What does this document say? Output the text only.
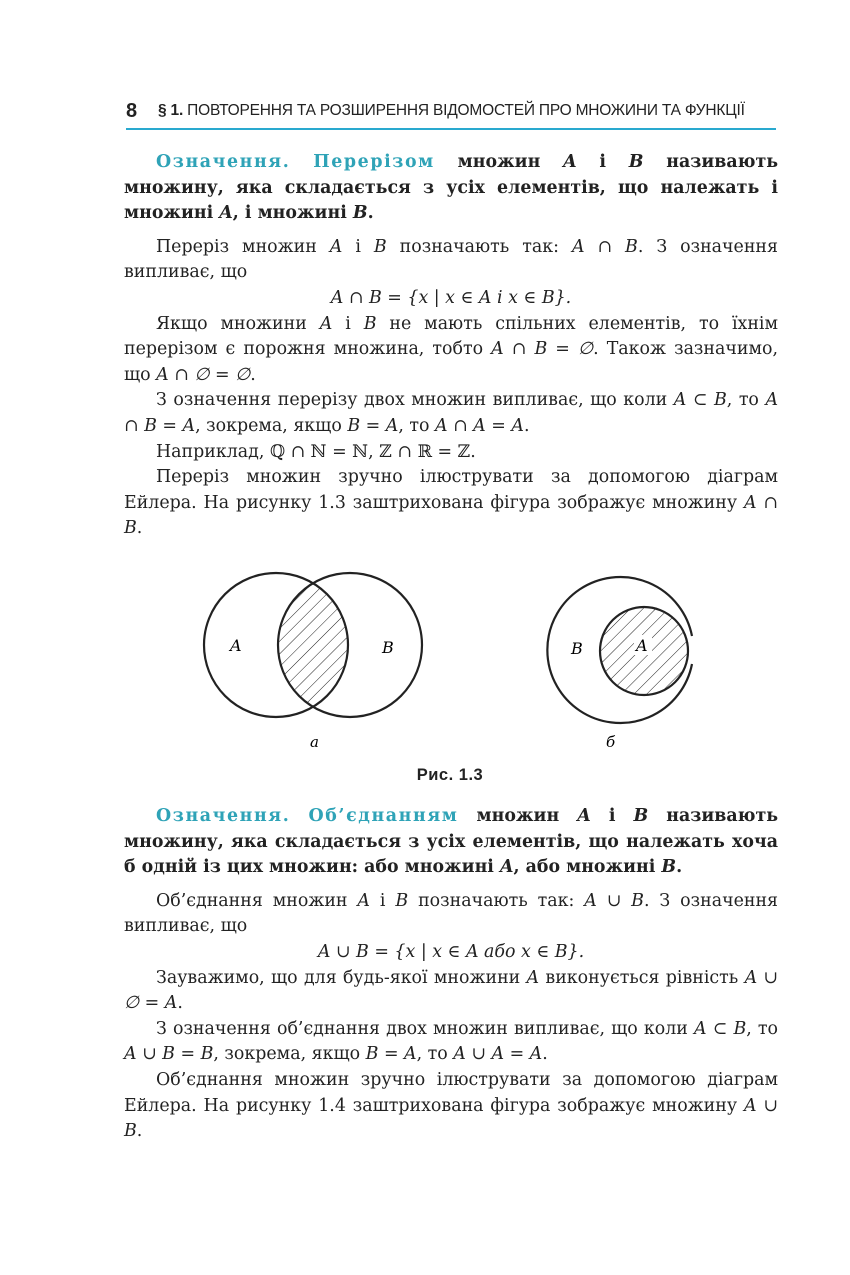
8 § 1. ПОВТОРЕННЯ ТА РОЗШИРЕННЯ ВІДОМОСТЕЙ ПРО МНОЖИНИ ТА ФУНКЦІЇ

Означення. Перерізом множин A і B називають множину, яка складається з усіх елементів, що належать і множині A, і множині B.

Переріз множин A і B позначають так: A ∩ B. З означення випливає, що

A ∩ B = {x | x ∈ A і x ∈ B}.

Якщо множини A і B не мають спільних елементів, то їхнім перерізом є порожня множина, тобто A ∩ B = ∅. Також зазначимо, що A ∩ ∅ = ∅.

З означення перерізу двох множин випливає, що коли A ⊂ B, то A ∩ B = A, зокрема, якщо B = A, то A ∩ A = A.

Наприклад, ℚ ∩ ℕ = ℕ, ℤ ∩ ℝ = ℤ.

Переріз множин зручно ілюструвати за допомогою діаграм Ейлера. На рисунку 1.3 заштрихована фігура зображує множину A ∩ B.

A	B
а
B	A
б
Рис. 1.3

Означення. Об’єднанням множин A і B називають множину, яка складається з усіх елементів, що належать хоча б одній із цих множин: або множині A, або множині B.

Об’єднання множин A і B позначають так: A ∪ B. З означення випливає, що

A ∪ B = {x | x ∈ A або x ∈ B}.

Зауважимо, що для будь-якої множини A виконується рівність A ∪ ∅ = A.

З означення об’єднання двох множин випливає, що коли A ⊂ B, то A ∪ B = B, зокрема, якщо B = A, то A ∪ A = A.

Об’єднання множин зручно ілюструвати за допомогою діаграм Ейлера. На рисунку 1.4 заштрихована фігура зображує множину A ∪ B.
